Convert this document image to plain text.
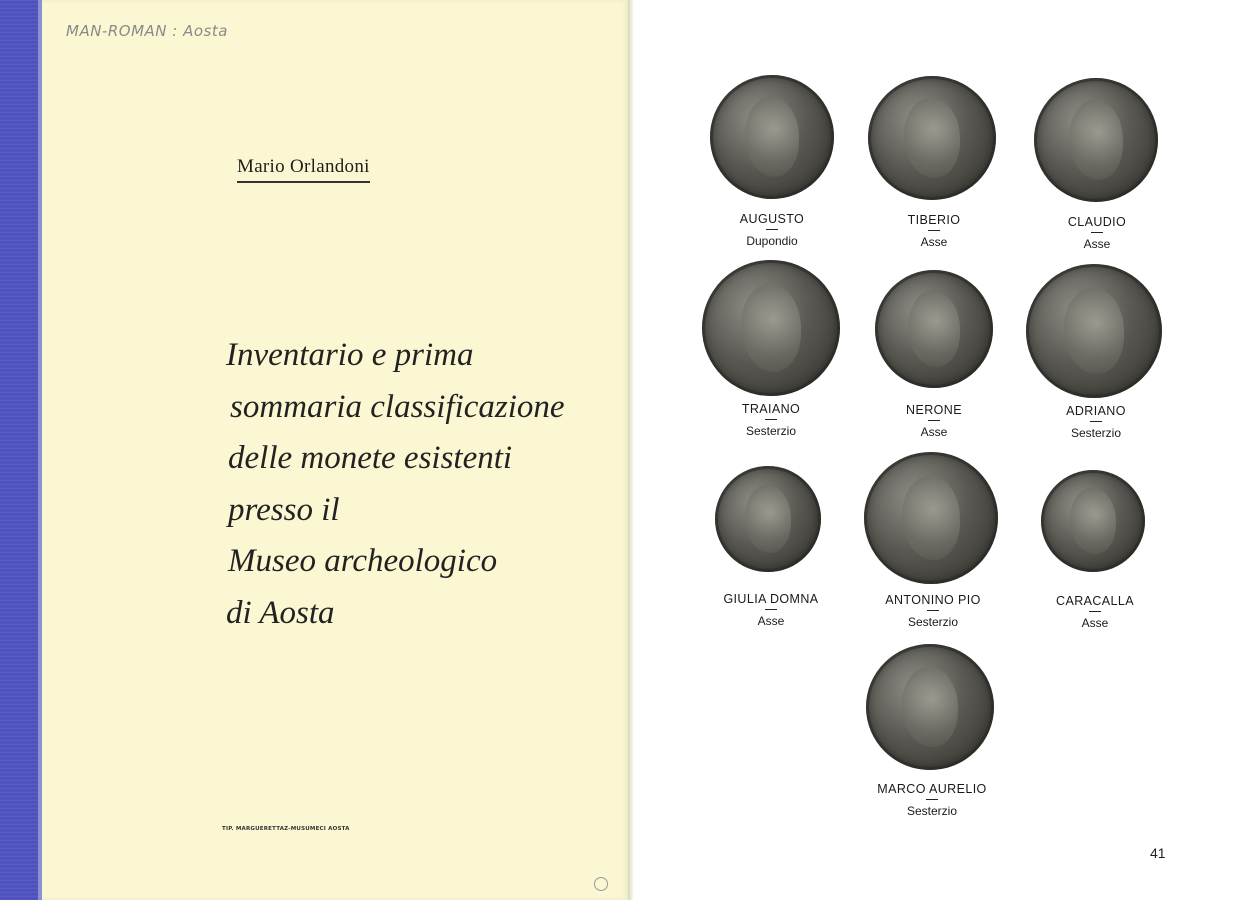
MAN-ROMAN : Aosta
Mario Orlandoni
Inventario e prima
sommaria classificazione
delle monete esistenti
presso il
Museo archeologico
di Aosta
TIP. MARGUERETTAZ-MUSUMECI AOSTA
AUGUSTO
Dupondio
TIBERIO
Asse
CLAUDIO
Asse
TRAIANO
Sesterzio
NERONE
Asse
ADRIANO
Sesterzio
GIULIA DOMNA
Asse
ANTONINO PIO
Sesterzio
CARACALLA
Asse
MARCO AURELIO
Sesterzio
41
